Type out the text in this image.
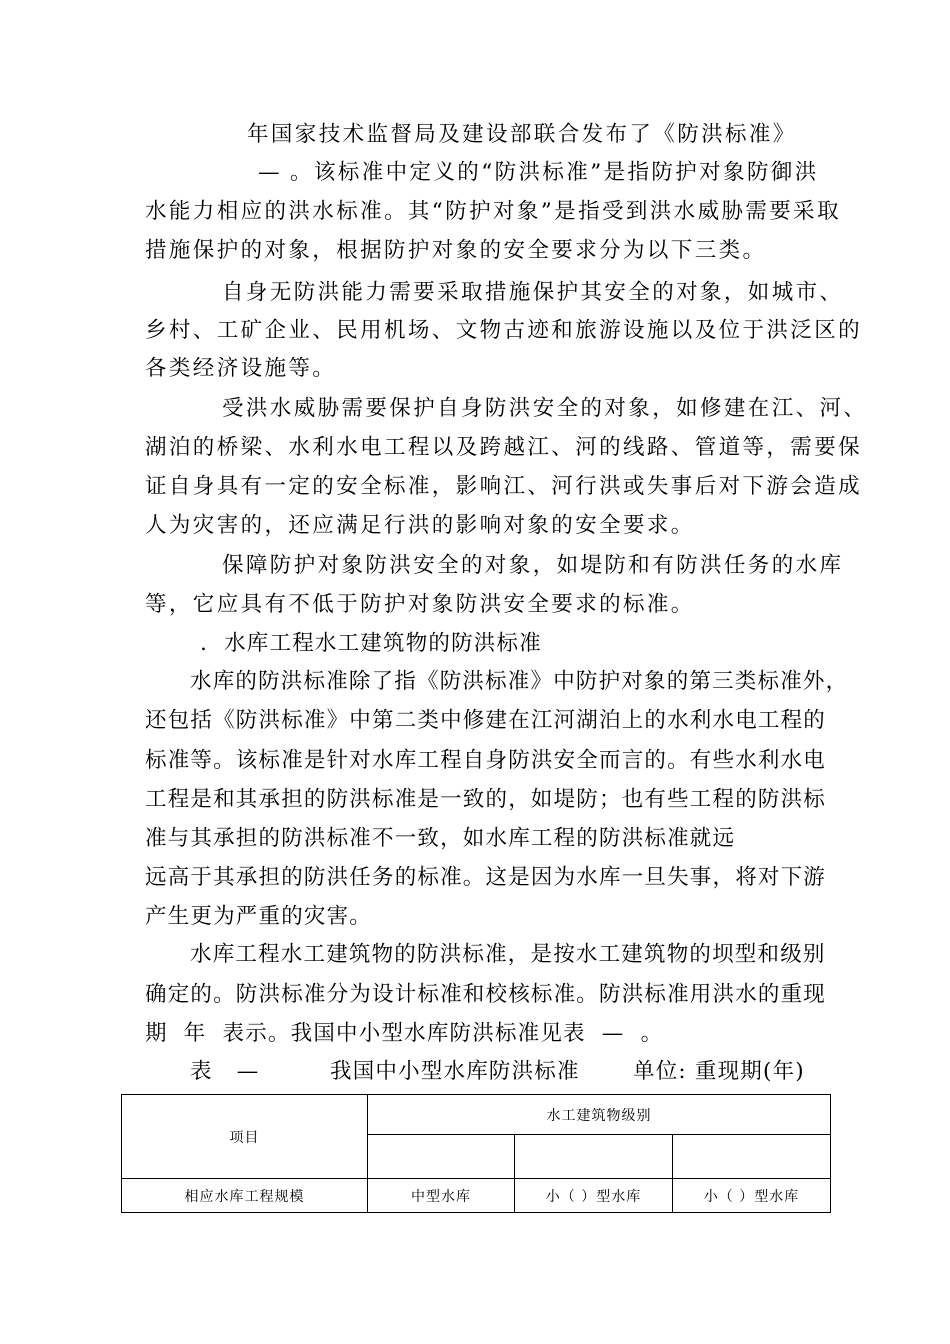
年国家技术监督局及建设部联合发布了《防洪标准》
— 。该标准中定义的“防洪标准”是指防护对象防御洪
水能力相应的洪水标准。其“防护对象”是指受到洪水威胁需要采取
措施保护的对象，根据防护对象的安全要求分为以下三类。
自身无防洪能力需要采取措施保护其安全的对象，如城市、
乡村、工矿企业、民用机场、文物古迹和旅游设施以及位于洪泛区的
各类经济设施等。
受洪水威胁需要保护自身防洪安全的对象，如修建在江、河、
湖泊的桥梁、水利水电工程以及跨越江、河的线路、管道等，需要保
证自身具有一定的安全标准，影响江、河行洪或失事后对下游会造成
人为灾害的，还应满足行洪的影响对象的安全要求。
保障防护对象防洪安全的对象，如堤防和有防洪任务的水库
等，它应具有不低于防护对象防洪安全要求的标准。
.  水库工程水工建筑物的防洪标准
水库的防洪标准除了指《防洪标准》中防护对象的第三类标准外，
还包括《防洪标准》中第二类中修建在江河湖泊上的水利水电工程的
标准等。该标准是针对水库工程自身防洪安全而言的。有些水利水电
工程是和其承担的防洪标准是一致的，如堤防；也有些工程的防洪标
准与其承担的防洪标准不一致，如水库工程的防洪标准就远
远高于其承担的防洪任务的标准。这是因为水库一旦失事，将对下游
产生更为严重的灾害。
水库工程水工建筑物的防洪标准，是按水工建筑物的坝型和级别
确定的。防洪标准分为设计标准和校核标准。防洪标准用洪水的重现
期  年  表示。我国中小型水库防洪标准见表  —  。
表   —	我国中小型水库防洪标准 单位: 重现期(年)
项目	水工建筑物级别		

相应水库工程规模	中型水库	小（ ）型水库	小（ ）型水库
